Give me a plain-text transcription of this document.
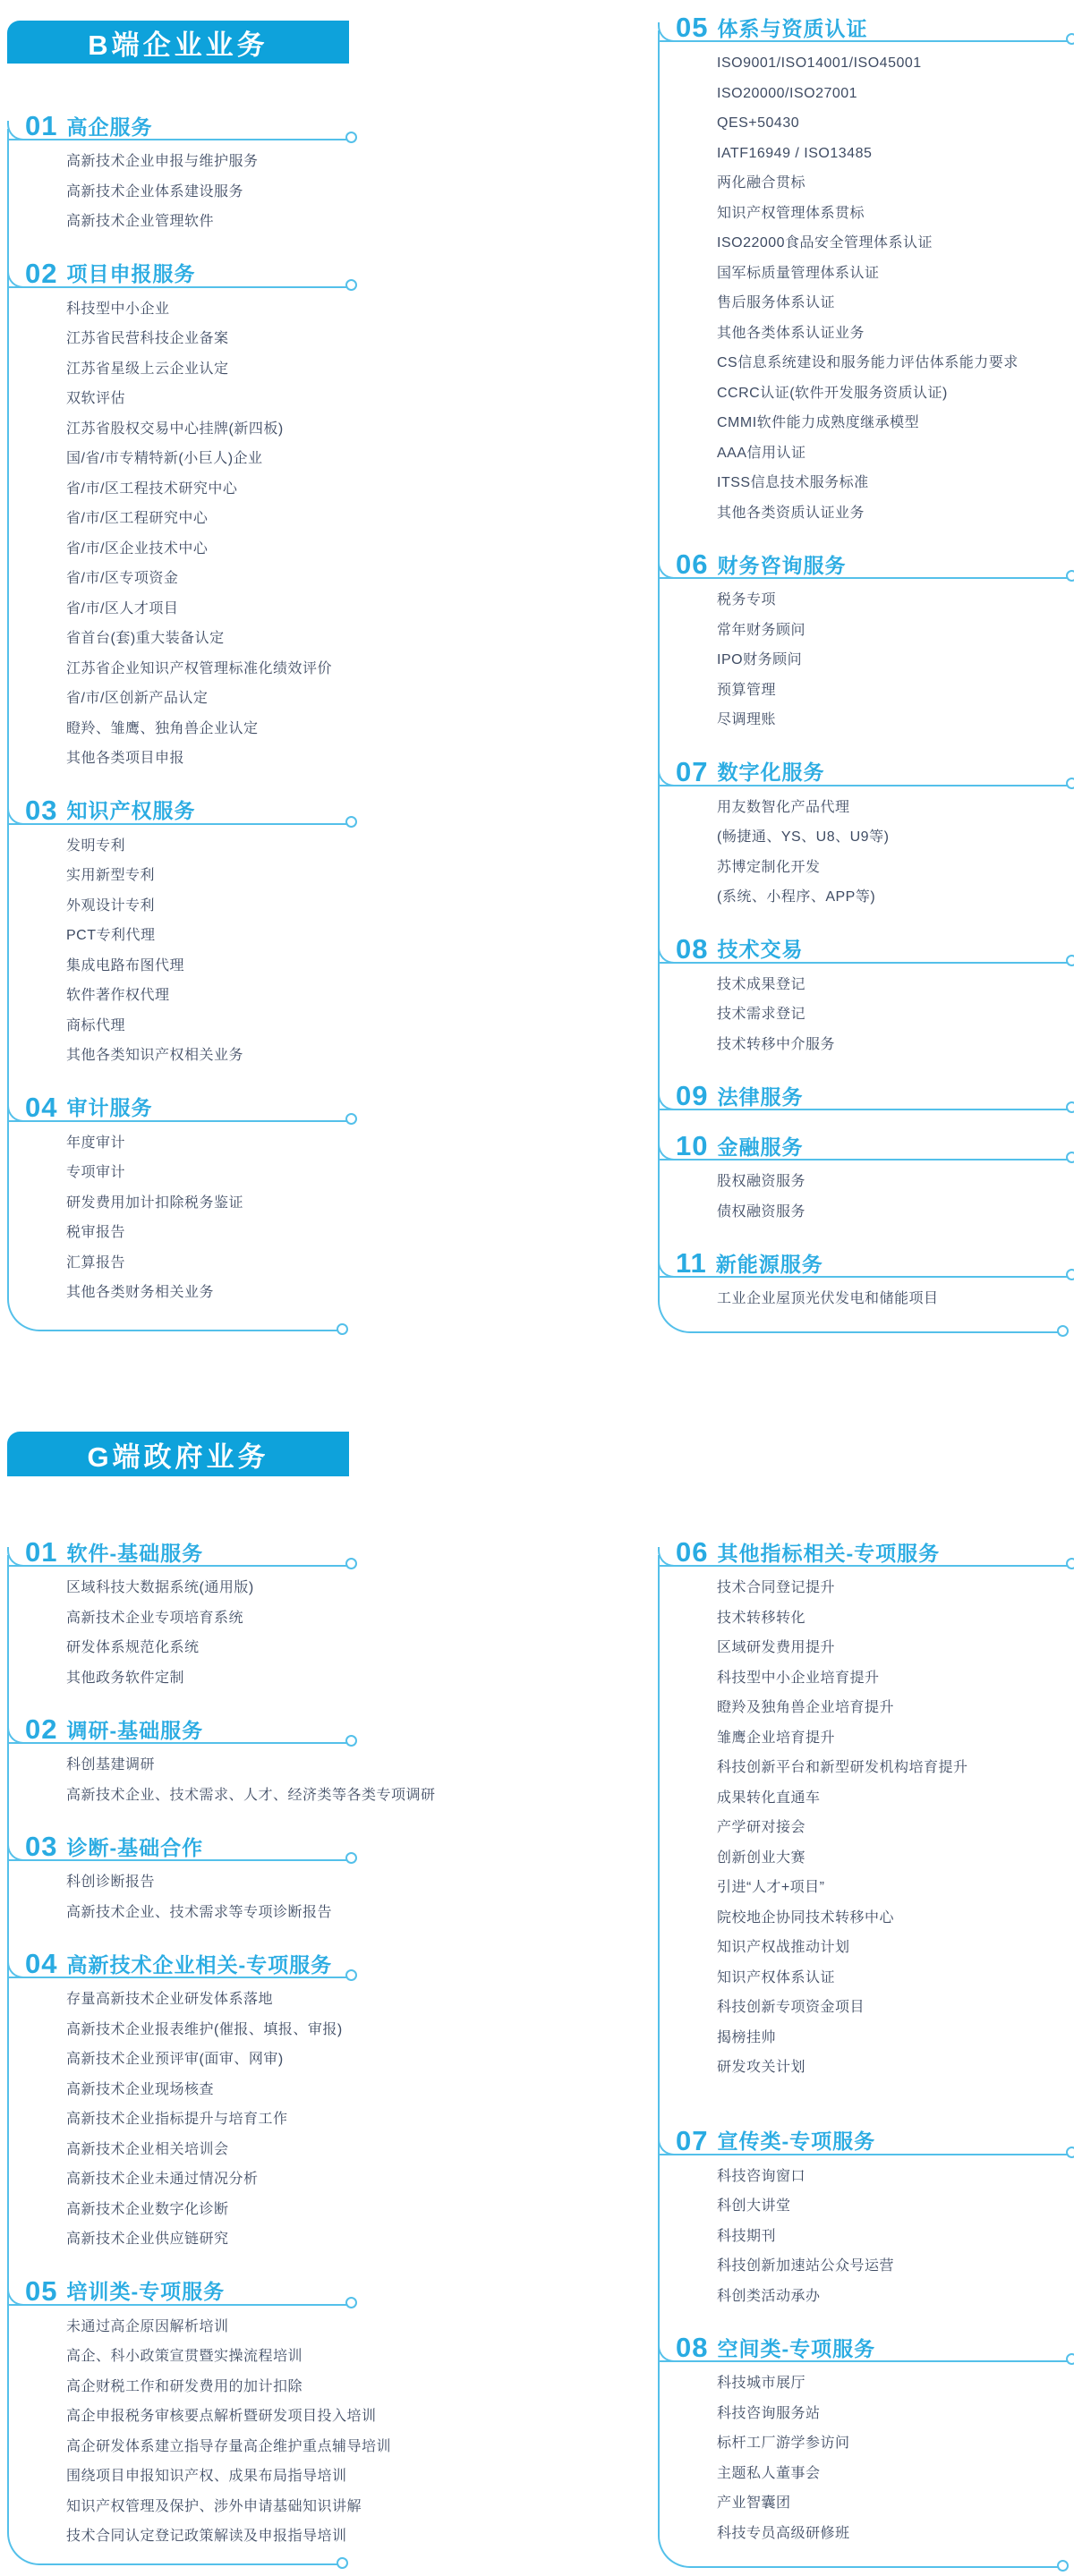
B端企业业务
01 高企服务
高新技术企业申报与维护服务
高新技术企业体系建设服务
高新技术企业管理软件
02 项目申报服务
科技型中小企业
江苏省民营科技企业备案
江苏省星级上云企业认定
双软评估
江苏省股权交易中心挂牌(新四板)
国/省/市专精特新(小巨人)企业
省/市/区工程技术研究中心
省/市/区工程研究中心
省/市/区企业技术中心
省/市/区专项资金
省/市/区人才项目
省首台(套)重大装备认定
江苏省企业知识产权管理标准化绩效评价
省/市/区创新产品认定
瞪羚、雏鹰、独角兽企业认定
其他各类项目申报
03 知识产权服务
发明专利
实用新型专利
外观设计专利
PCT专利代理
集成电路布图代理
软件著作权代理
商标代理
其他各类知识产权相关业务
04 审计服务
年度审计
专项审计
研发费用加计扣除税务鉴证
税审报告
汇算报告
其他各类财务相关业务
05 体系与资质认证
ISO9001/ISO14001/ISO45001
ISO20000/ISO27001
QES+50430
IATF16949 / ISO13485
两化融合贯标
知识产权管理体系贯标
ISO22000食品安全管理体系认证
国军标质量管理体系认证
售后服务体系认证
其他各类体系认证业务
CS信息系统建设和服务能力评估体系能力要求
CCRC认证(软件开发服务资质认证)
CMMI软件能力成熟度继承模型
AAA信用认证
ITSS信息技术服务标准
其他各类资质认证业务
06 财务咨询服务
税务专项
常年财务顾问
IPO财务顾问
预算管理
尽调理账
07 数字化服务
用友数智化产品代理
(畅捷通、YS、U8、U9等)
苏博定制化开发
(系统、小程序、APP等)
08 技术交易
技术成果登记
技术需求登记
技术转移中介服务
09 法律服务
10 金融服务
股权融资服务
债权融资服务
11 新能源服务
工业企业屋顶光伏发电和储能项目
G端政府业务
01 软件-基础服务
区域科技大数据系统(通用版)
高新技术企业专项培育系统
研发体系规范化系统
其他政务软件定制
02 调研-基础服务
科创基建调研
高新技术企业、技术需求、人才、经济类等各类专项调研
03 诊断-基础合作
科创诊断报告
高新技术企业、技术需求等专项诊断报告
04 高新技术企业相关-专项服务
存量高新技术企业研发体系落地
高新技术企业报表维护(催报、填报、审报)
高新技术企业预评审(面审、网审)
高新技术企业现场核查
高新技术企业指标提升与培育工作
高新技术企业相关培训会
高新技术企业未通过情况分析
高新技术企业数字化诊断
高新技术企业供应链研究
05 培训类-专项服务
未通过高企原因解析培训
高企、科小政策宣贯暨实操流程培训
高企财税工作和研发费用的加计扣除
高企申报税务审核要点解析暨研发项目投入培训
高企研发体系建立指导存量高企维护重点辅导培训
围绕项目申报知识产权、成果布局指导培训
知识产权管理及保护、涉外申请基础知识讲解
技术合同认定登记政策解读及申报指导培训
06 其他指标相关-专项服务
技术合同登记提升
技术转移转化
区域研发费用提升
科技型中小企业培育提升
瞪羚及独角兽企业培育提升
雏鹰企业培育提升
科技创新平台和新型研发机构培育提升
成果转化直通车
产学研对接会
创新创业大赛
引进“人才+项目”
院校地企协同技术转移中心
知识产权战推动计划
知识产权体系认证
科技创新专项资金项目
揭榜挂帅
研发攻关计划
07 宣传类-专项服务
科技咨询窗口
科创大讲堂
科技期刊
科技创新加速站公众号运营
科创类活动承办
08 空间类-专项服务
科技城市展厅
科技咨询服务站
标杆工厂游学参访问
主题私人董事会
产业智囊团
科技专员高级研修班
